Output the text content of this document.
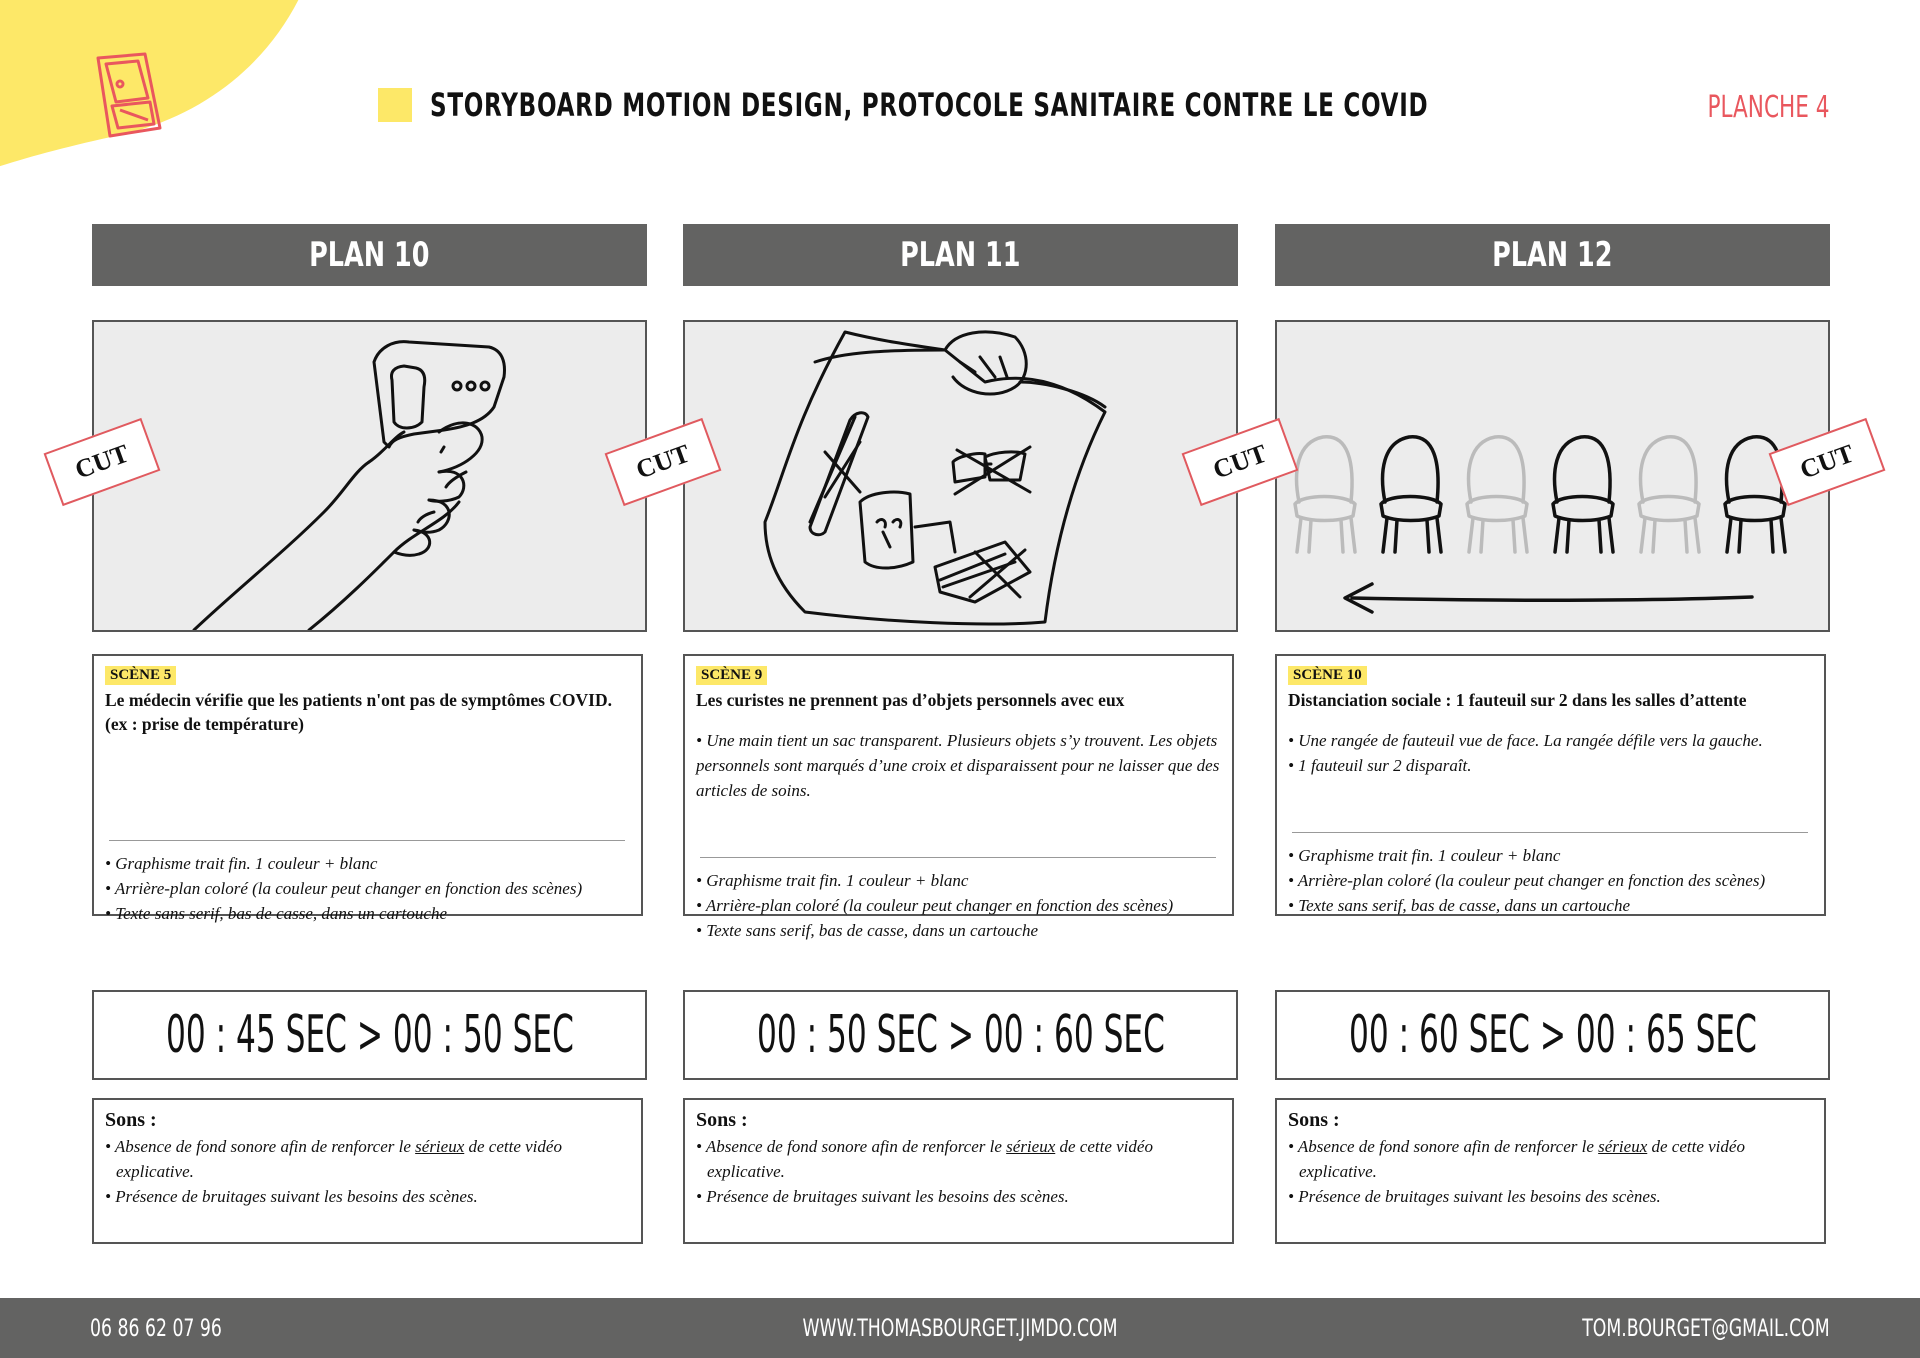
STORYBOARD MOTION DESIGN, PROTOCOLE SANITAIRE CONTRE LE COVID	PLANCHE 4
PLAN 10
CUT
SCÈNE 5
Le médecin vérifie que les patients n'ont pas de symptômes COVID. (ex : prise de température)
• Graphisme trait fin. 1 couleur + blanc
• Arrière-plan coloré (la couleur peut changer en fonction des scènes)
• Texte sans serif, bas de casse, dans un cartouche
00 : 45 SEC > 00 : 50 SEC
Sons :
• Absence de fond sonore afin de renforcer le sérieux de cette vidéo
explicative.
• Présence de bruitages suivant les besoins des scènes.
PLAN 11
CUT
SCÈNE 9
Les curistes ne prennent pas d’objets personnels avec eux
• Une main tient un sac transparent. Plusieurs objets s’y trouvent. Les objets personnels sont marqués d’une croix et disparaissent pour ne laisser que des articles de soins.
• Graphisme trait fin. 1 couleur + blanc
• Arrière-plan coloré (la couleur peut changer en fonction des scènes)
• Texte sans serif, bas de casse, dans un cartouche
00 : 50 SEC > 00 : 60 SEC
Sons :
• Absence de fond sonore afin de renforcer le sérieux de cette vidéo
explicative.
• Présence de bruitages suivant les besoins des scènes.
PLAN 12
CUT	CUT
SCÈNE 10
Distanciation sociale : 1 fauteuil sur 2 dans les salles d’attente
• Une rangée de fauteuil vue de face. La rangée défile vers la gauche.
• 1 fauteuil sur 2 disparaît.
• Graphisme trait fin. 1 couleur + blanc
• Arrière-plan coloré (la couleur peut changer en fonction des scènes)
• Texte sans serif, bas de casse, dans un cartouche
00 : 60 SEC > 00 : 65 SEC
Sons :
• Absence de fond sonore afin de renforcer le sérieux de cette vidéo
explicative.
• Présence de bruitages suivant les besoins des scènes.
06 86 62 07 96	WWW.THOMASBOURGET.JIMDO.COM	TOM.BOURGET@GMAIL.COM
